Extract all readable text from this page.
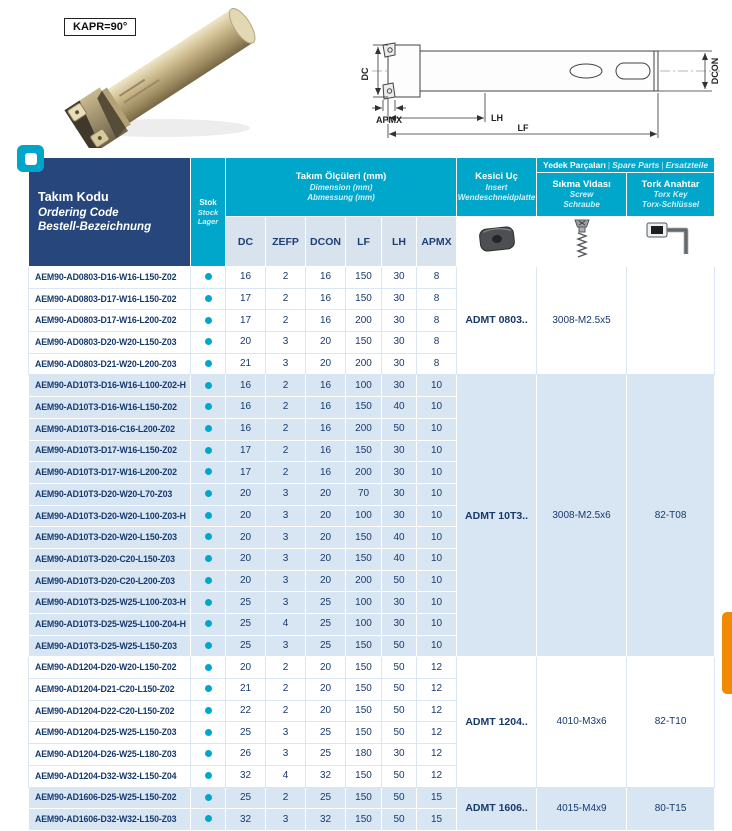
KAPR=90°
DC
APMX	LH
LF
DCON
Takım Kodu
Ordering Code
Bestell-Bezeichnung

Stok
Stock
Lager

Takım Ölçüleri (mm)
Dimension (mm)
Abmessung (mm)

Kesici Uç
Insert
Wendeschneidplatte
	Yedek Parçaları | Spare Parts | Ersatzteile

Sıkma Vidası
Screw
Schraube

Tork Anahtar
Torx Key
Torx-Schlüssel

		DC	ZEFP	DCON	LF	LH	APMX			
AEM90-AD0803-D16-W16-L150-Z02		16	2	16	150	30	8	ADMT 0803..	3008-M2.5x5	
AEM90-AD0803-D17-W16-L150-Z02		17	2	16	150	30	8			
AEM90-AD0803-D17-W16-L200-Z02		17	2	16	200	30	8			
AEM90-AD0803-D20-W20-L150-Z03		20	3	20	150	30	8			
AEM90-AD0803-D21-W20-L200-Z03		21	3	20	200	30	8			
AEM90-AD10T3-D16-W16-L100-Z02-H		16	2	16	100	30	10	ADMT 10T3..	3008-M2.5x6	82-T08
AEM90-AD10T3-D16-W16-L150-Z02		16	2	16	150	40	10			
AEM90-AD10T3-D16-C16-L200-Z02		16	2	16	200	50	10			
AEM90-AD10T3-D17-W16-L150-Z02		17	2	16	150	30	10			
AEM90-AD10T3-D17-W16-L200-Z02		17	2	16	200	30	10			
AEM90-AD10T3-D20-W20-L70-Z03		20	3	20	70	30	10			
AEM90-AD10T3-D20-W20-L100-Z03-H		20	3	20	100	30	10			
AEM90-AD10T3-D20-W20-L150-Z03		20	3	20	150	40	10			
AEM90-AD10T3-D20-C20-L150-Z03		20	3	20	150	40	10			
AEM90-AD10T3-D20-C20-L200-Z03		20	3	20	200	50	10			
AEM90-AD10T3-D25-W25-L100-Z03-H		25	3	25	100	30	10			
AEM90-AD10T3-D25-W25-L100-Z04-H		25	4	25	100	30	10			
AEM90-AD10T3-D25-W25-L150-Z03		25	3	25	150	50	10			
AEM90-AD1204-D20-W20-L150-Z02		20	2	20	150	50	12	ADMT 1204..	4010-M3x6	82-T10
AEM90-AD1204-D21-C20-L150-Z02		21	2	20	150	50	12			
AEM90-AD1204-D22-C20-L150-Z02		22	2	20	150	50	12			
AEM90-AD1204-D25-W25-L150-Z03		25	3	25	150	50	12			
AEM90-AD1204-D26-W25-L180-Z03		26	3	25	180	30	12			
AEM90-AD1204-D32-W32-L150-Z04		32	4	32	150	50	12			
AEM90-AD1606-D25-W25-L150-Z02		25	2	25	150	50	15	ADMT 1606..	4015-M4x9	80-T15
AEM90-AD1606-D32-W32-L150-Z03		32	3	32	150	50	15			
